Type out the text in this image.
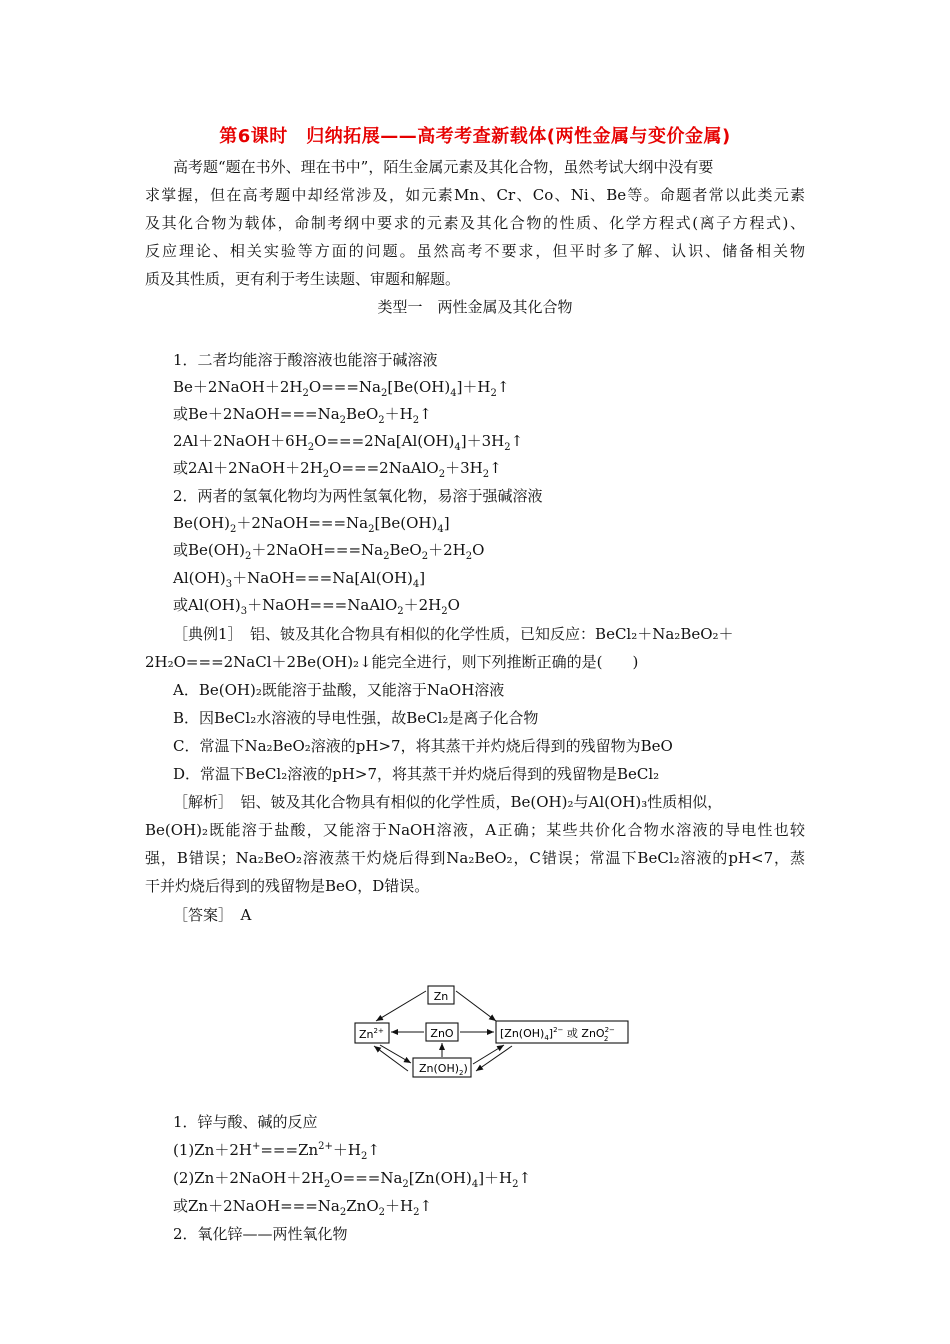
第6课时　归纳拓展——高考考查新载体(两性金属与变价金属)
高考题“题在书外、理在书中”，陌生金属元素及其化合物，虽然考试大纲中没有要
求掌握，但在高考题中却经常涉及，如元素Mn、Cr、Co、Ni、Be等。命题者常以此类元素
及其化合物为载体，命制考纲中要求的元素及其化合物的性质、化学方程式(离子方程式)、
反应理论、相关实验等方面的问题。虽然高考不要求，但平时多了解、认识、储备相关物
质及其性质，更有利于考生读题、审题和解题。
类型一　两性金属及其化合物
1．二者均能溶于酸溶液也能溶于碱溶液
$Be+2NaOH+2H_2O===Na_2[Be(OH)_4]+H_2↑$
或$Be+2NaOH===Na_2BeO_2+H_2↑$
$2Al+2NaOH+6H_2O===2Na[Al(OH)_4]+3H_2↑$
或$2Al+2NaOH+2H_2O===2NaAlO_2+3H_2↑$
2．两者的氢氧化物均为两性氢氧化物，易溶于强碱溶液
$Be(OH)_2+2NaOH===Na_2[Be(OH)_4]$
或$Be(OH)_2+2NaOH===Na_2BeO_2+2H_2O$
$Al(OH)_3+NaOH===Na[Al(OH)_4]$
或$Al(OH)_3+NaOH===NaAlO_2+2H_2O$
［典例1］　铝、铍及其化合物具有相似的化学性质，已知反应：BeCl₂＋Na₂BeO₂＋
2H₂O===2NaCl＋2Be(OH)₂↓能完全进行，则下列推断正确的是(　　)
A．Be(OH)₂既能溶于盐酸，又能溶于NaOH溶液
B．因BeCl₂水溶液的导电性强，故BeCl₂是离子化合物
C．常温下Na₂BeO₂溶液的pH>7，将其蒸干并灼烧后得到的残留物为BeO
D．常温下BeCl₂溶液的pH>7，将其蒸干并灼烧后得到的残留物是BeCl₂
［解析］　铝、铍及其化合物具有相似的化学性质，Be(OH)₂与Al(OH)₃性质相似，
Be(OH)₂既能溶于盐酸，又能溶于NaOH溶液，A正确；某些共价化合物水溶液的导电性也较
强，B错误；Na₂BeO₂溶液蒸干灼烧后得到Na₂BeO₂，C错误；常温下BeCl₂溶液的pH<7，蒸
干并灼烧后得到的残留物是BeO，D错误。
［答案］　A
Zn
$Zn^{2+}$	ZnO
$Zn(OH)_2$)
$[Zn(OH)_4]^{2-}$ 或 ZnO$^{2-}$ 2
1．锌与酸、碱的反应
$(1)Zn+2H^+===Zn^{2+}+H_2↑$
$(2)Zn+2NaOH+2H_2O===Na_2[Zn(OH)_4]+H_2↑$
或$Zn+2NaOH===Na_2ZnO_2+H_2↑$
2．氧化锌——两性氧化物
